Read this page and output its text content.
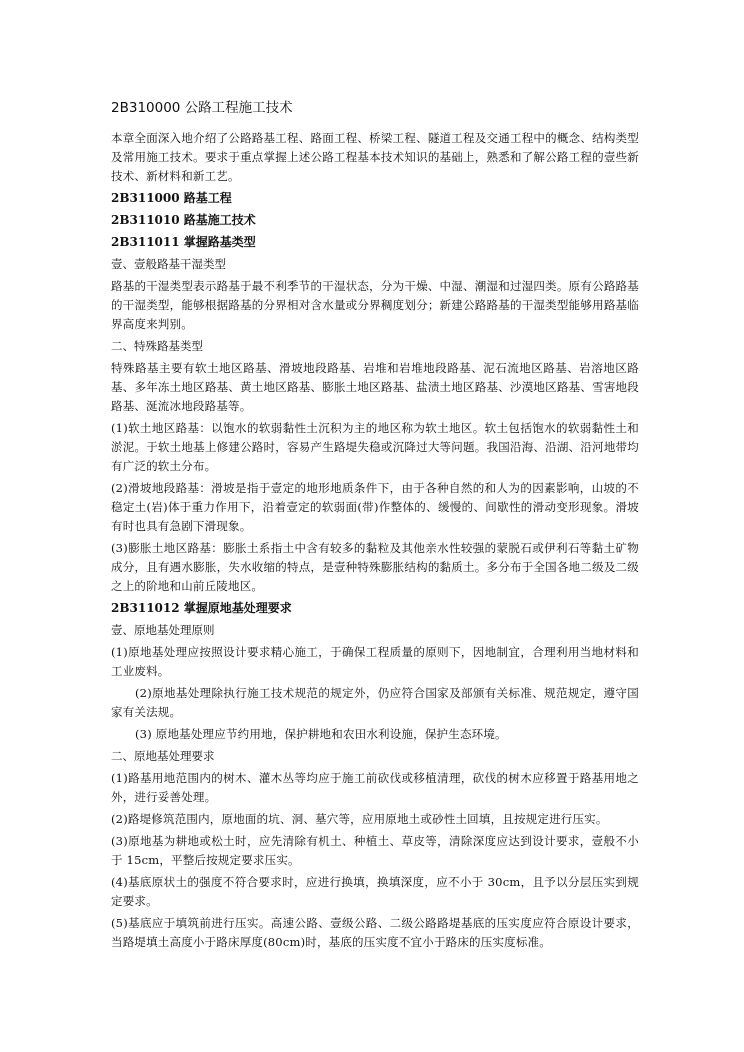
2B310000 公路工程施工技术
本章全面深入地介绍了公路路基工程、路面工程、桥梁工程、隧道工程及交通工程中的概念、结构类型及常用施工技术。要求于重点掌握上述公路工程基本技术知识的基础上，熟悉和了解公路工程的壹些新技术、新材料和新工艺。
2B311000 路基工程
2B311010 路基施工技术
2B311011 掌握路基类型
壹、壹般路基干湿类型
路基的干湿类型表示路基于最不利季节的干湿状态，分为干燥、中湿、潮湿和过湿四类。原有公路路基的干湿类型，能够根据路基的分界相对含水量或分界稠度划分；新建公路路基的干湿类型能够用路基临界高度来判别。
二、特殊路基类型
特殊路基主要有软土地区路基、滑坡地段路基、岩堆和岩堆地段路基、泥石流地区路基、岩溶地区路基、多年冻土地区路基、黄土地区路基、膨胀土地区路基、盐渍土地区路基、沙漠地区路基、雪害地段路基、涎流冰地段路基等。
(1)软土地区路基：以饱水的软弱黏性土沉积为主的地区称为软土地区。软土包括饱水的软弱黏性土和淤泥。于软土地基上修建公路时，容易产生路堤失稳或沉降过大等问题。我国沿海、沿湖、沿河地带均有广泛的软土分布。
(2)滑坡地段路基：滑坡是指于壹定的地形地质条件下，由于各种自然的和人为的因素影响，山坡的不稳定土(岩)体于重力作用下，沿着壹定的软弱面(带)作整体的、缓慢的、间歇性的滑动变形现象。滑坡有时也具有急剧下滑现象。
(3)膨胀土地区路基：膨胀土系指土中含有较多的黏粒及其他亲水性较强的蒙脱石或伊利石等黏土矿物成分，且有遇水膨胀，失水收缩的特点，是壹种特殊膨胀结构的黏质土。多分布于全国各地二级及二级之上的阶地和山前丘陵地区。
2B311012 掌握原地基处理要求
壹、原地基处理原则
(1)原地基处理应按照设计要求精心施工，于确保工程质量的原则下，因地制宜，合理利用当地材料和工业废料。
(2)原地基处理除执行施工技术规范的规定外，仍应符合国家及部颁有关标准、规范规定，遵守国家有关法规。
(3) 原地基处理应节约用地，保护耕地和农田水利设施，保护生态环境。
二、原地基处理要求
(1)路基用地范围内的树木、灌木丛等均应于施工前砍伐或移植清理，砍伐的树木应移置于路基用地之外，进行妥善处理。
(2)路堤修筑范围内，原地面的坑、洞、墓穴等，应用原地土或砂性土回填，且按规定进行压实。
(3)原地基为耕地或松土时，应先清除有机土、种植土、草皮等，清除深度应达到设计要求，壹般不小于 15cm，平整后按规定要求压实。
(4)基底原状土的强度不符合要求时，应进行换填，换填深度，应不小于 30cm，且予以分层压实到规定要求。
(5)基底应于填筑前进行压实。高速公路、壹级公路、二级公路路堤基底的压实度应符合原设计要求，当路堤填土高度小于路床厚度(80cm)时，基底的压实度不宜小于路床的压实度标准。
